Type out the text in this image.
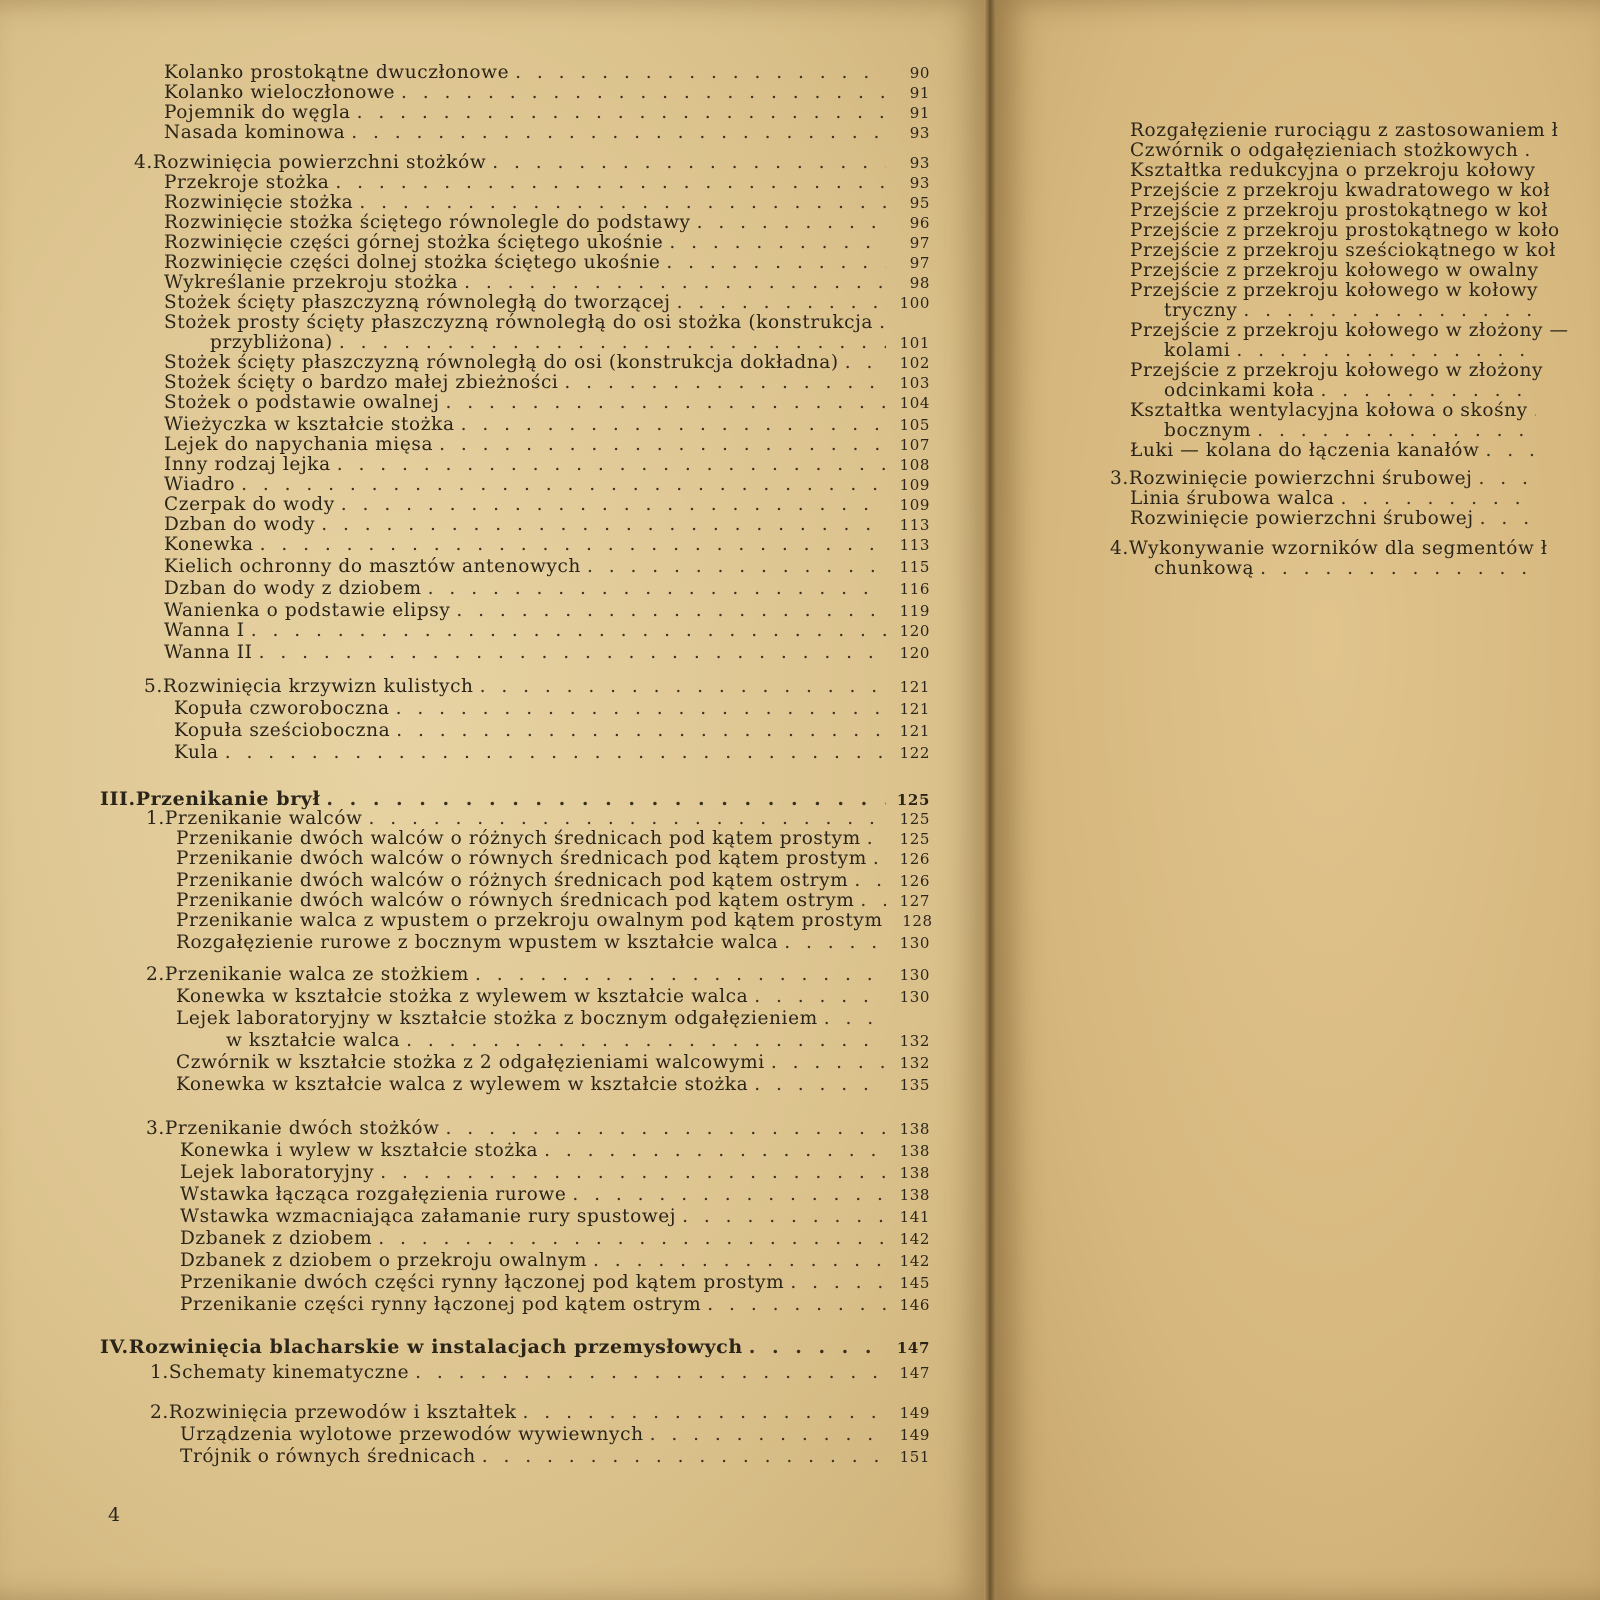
Kolanko prostokątne dwuczłonowe . . .	90
Kolanko wieloczłonowe . . .	91
Pojemnik do węgla . . .	91
Nasada kominowa . . .	93
4. Rozwinięcia powierzchni stożków . . .	93
Przekroje stożka . . .	93
Rozwinięcie stożka . . .	95
Rozwinięcie stożka ściętego równolegle do podstawy . . .	96
Rozwinięcie części górnej stożka ściętego ukośnie . . .	97
Rozwinięcie części dolnej stożka ściętego ukośnie . . .	97
Wykreślanie przekroju stożka . . .	98
Stożek ścięty płaszczyzną równoległą do tworzącej . . .	100
Stożek prosty ścięty płaszczyzną równoległą do osi stożka (konstrukcja
. . .
przybliżona) . . .	101
Stożek ścięty płaszczyzną równoległą do osi (konstrukcja dokładna) . . .	102
Stożek ścięty o bardzo małej zbieżności . . .	103
Stożek o podstawie owalnej . . .	104
Wieżyczka w kształcie stożka . . .	105
Lejek do napychania mięsa . . .	107
Inny rodzaj lejka . . .	108
Wiadro . . .	109
Czerpak do wody . . .	109
Dzban do wody . . .	113
Konewka . . .	113
Kielich ochronny do masztów antenowych . . .	115
Dzban do wody z dziobem . . .	116
Wanienka o podstawie elipsy . . .	119
Wanna I . . .	120
Wanna II . . .	120
5. Rozwinięcia krzywizn kulistych . . .	121
Kopuła czworoboczna . . .	121
Kopuła sześcioboczna . . .	121
Kula . . .	122
III. Przenikanie brył . . .	125
1. Przenikanie walców . . .	125
Przenikanie dwóch walców o różnych średnicach pod kątem prostym . . .	125
Przenikanie dwóch walców o równych średnicach pod kątem prostym . . .	126
Przenikanie dwóch walców o różnych średnicach pod kątem ostrym . . .	126
Przenikanie dwóch walców o równych średnicach pod kątem ostrym . . .	127
Przenikanie walca z wpustem o przekroju owalnym pod kątem prostym	128
Rozgałęzienie rurowe z bocznym wpustem w kształcie walca . . .	130
2. Przenikanie walca ze stożkiem . . .	130
Konewka w kształcie stożka z wylewem w kształcie walca . . .	130
Lejek laboratoryjny w kształcie stożka z bocznym odgałęzieniem
. . .
w kształcie walca . . .	132
Czwórnik w kształcie stożka z 2 odgałęzieniami walcowymi . . .	132
Konewka w kształcie walca z wylewem w kształcie stożka . . .	135
3. Przenikanie dwóch stożków . . .	138
Konewka i wylew w kształcie stożka . . .	138
Lejek laboratoryjny . . .	138
Wstawka łącząca rozgałęzienia rurowe . . .	138
Wstawka wzmacniająca załamanie rury spustowej . . .	141
Dzbanek z dziobem . . .	142
Dzbanek z dziobem o przekroju owalnym . . .	142
Przenikanie dwóch części rynny łączonej pod kątem prostym . . .	145
Przenikanie części rynny łączonej pod kątem ostrym . . .	146
IV. Rozwinięcia blacharskie w instalacjach przemysłowych . . .	147
1. Schematy kinematyczne . . .	147
2. Rozwinięcia przewodów i kształtek . . .	149
Urządzenia wylotowe przewodów wywiewnych . . .	149
Trójnik o równych średnicach . . .	151
Rozgałęzienie rurociągu z zastosowaniem ł
Czwórnik o odgałęzieniach stożkowych
. . .
Kształtka redukcyjna o przekroju kołowy
Przejście z przekroju kwadratowego w koł
Przejście z przekroju prostokątnego w koł
Przejście z przekroju prostokątnego w koło
Przejście z przekroju sześciokątnego w koł
Przejście z przekroju kołowego w owalny
Przejście z przekroju kołowego w kołowy
tryczny
. . .
Przejście z przekroju kołowego w złożony —
kolami
. . .
Przejście z przekroju kołowego w złożony
odcinkami koła
. . .
Kształtka wentylacyjna kołowa o skośny
. . .
bocznym
. . .
Łuki — kolana do łączenia kanałów
. . .
3. Rozwinięcie powierzchni śrubowej
. . .
Linia śrubowa walca
. . .
Rozwinięcie powierzchni śrubowej
. . .
4. Wykonywanie wzorników dla segmentów ł
chunkową
. . .
4
